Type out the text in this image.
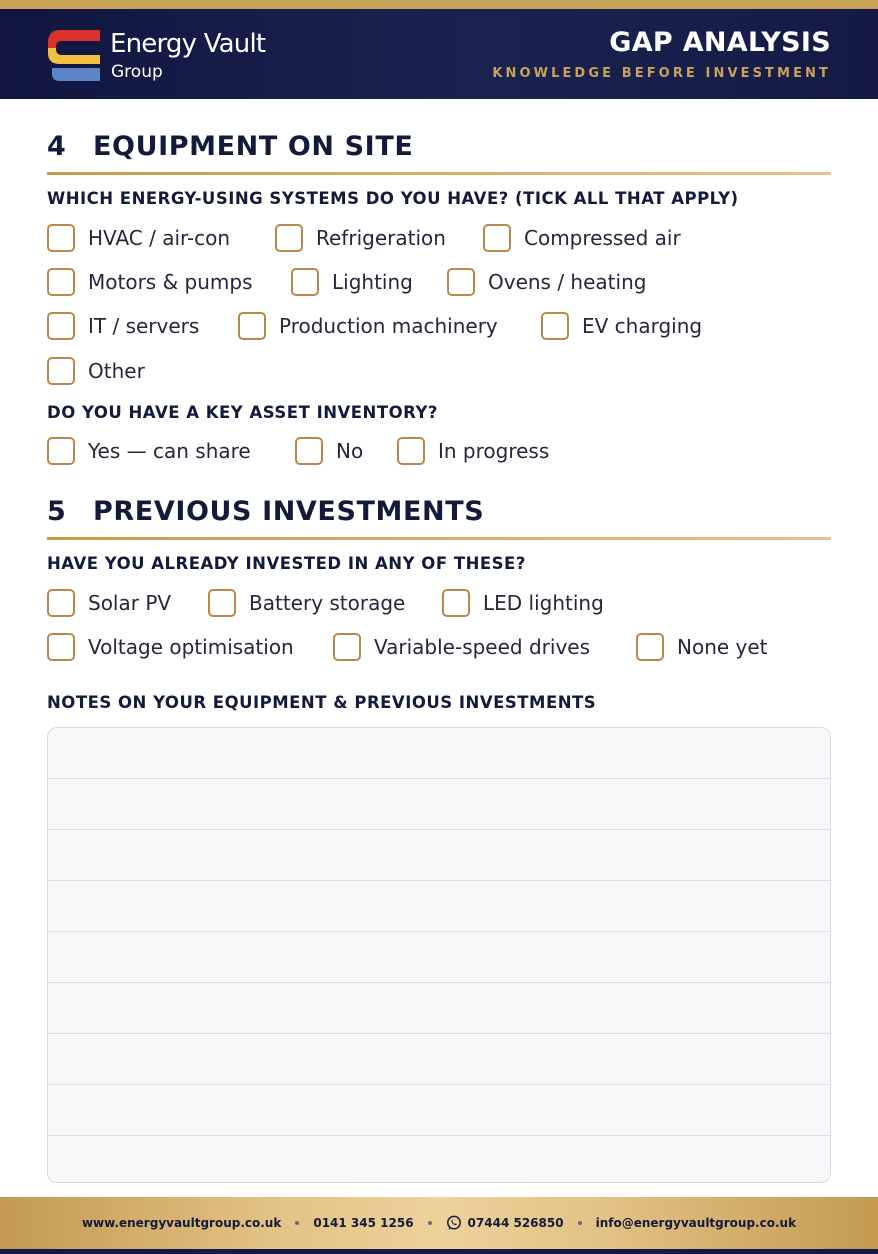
Energy Vault
Group
GAP ANALYSIS
KNOWLEDGE BEFORE INVESTMENT
4 EQUIPMENT ON SITE
WHICH ENERGY-USING SYSTEMS DO YOU HAVE? (TICK ALL THAT APPLY)
HVAC / air-con	Refrigeration	Compressed air
Motors & pumps	Lighting	Ovens / heating
IT / servers	Production machinery	EV charging
Other
DO YOU HAVE A KEY ASSET INVENTORY?
Yes — can share	No	In progress
5 PREVIOUS INVESTMENTS
HAVE YOU ALREADY INVESTED IN ANY OF THESE?
Solar PV	Battery storage	LED lighting
Voltage optimisation	Variable-speed drives	None yet
NOTES ON YOUR EQUIPMENT & PREVIOUS INVESTMENTS
www.energyvaultgroup.co.uk	0141 345 1256	07444 526850	info@energyvaultgroup.co.uk
